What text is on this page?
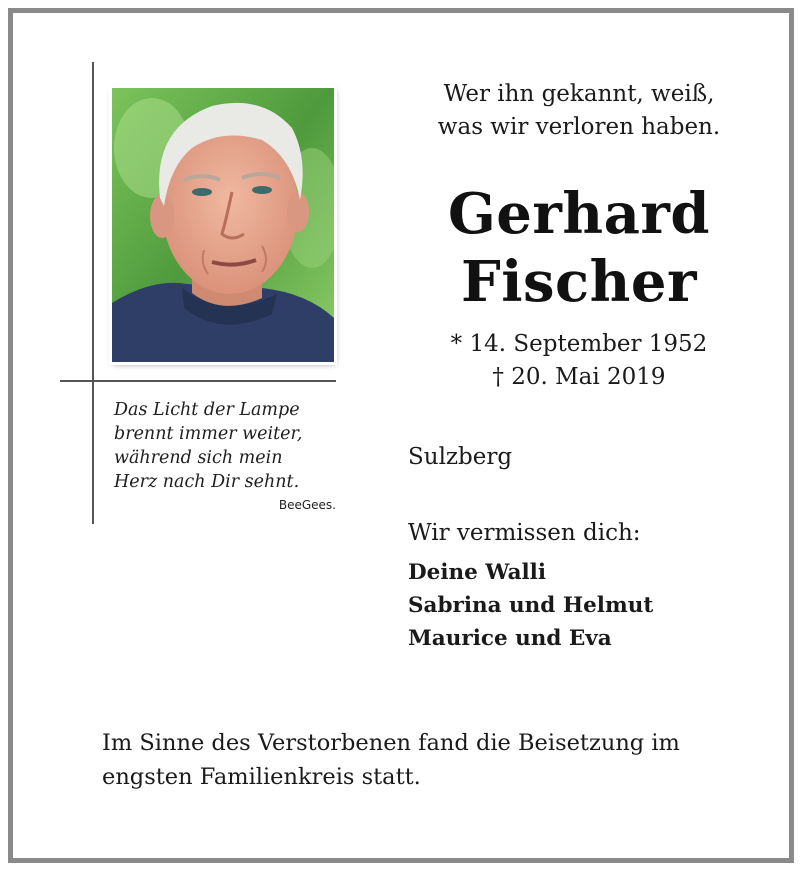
Das Licht der Lampe
brennt immer weiter,
während sich mein
Herz nach Dir sehnt.
BeeGees.
Wer ihn gekannt, weiß,
was wir verloren haben.
Gerhard
Fischer
* 14. September 1952
† 20. Mai 2019
Sulzberg
Wir vermissen dich:
Deine Walli
Sabrina und Helmut
Maurice und Eva
Im Sinne des Verstorbenen fand die Beisetzung im
engsten Familienkreis statt.
